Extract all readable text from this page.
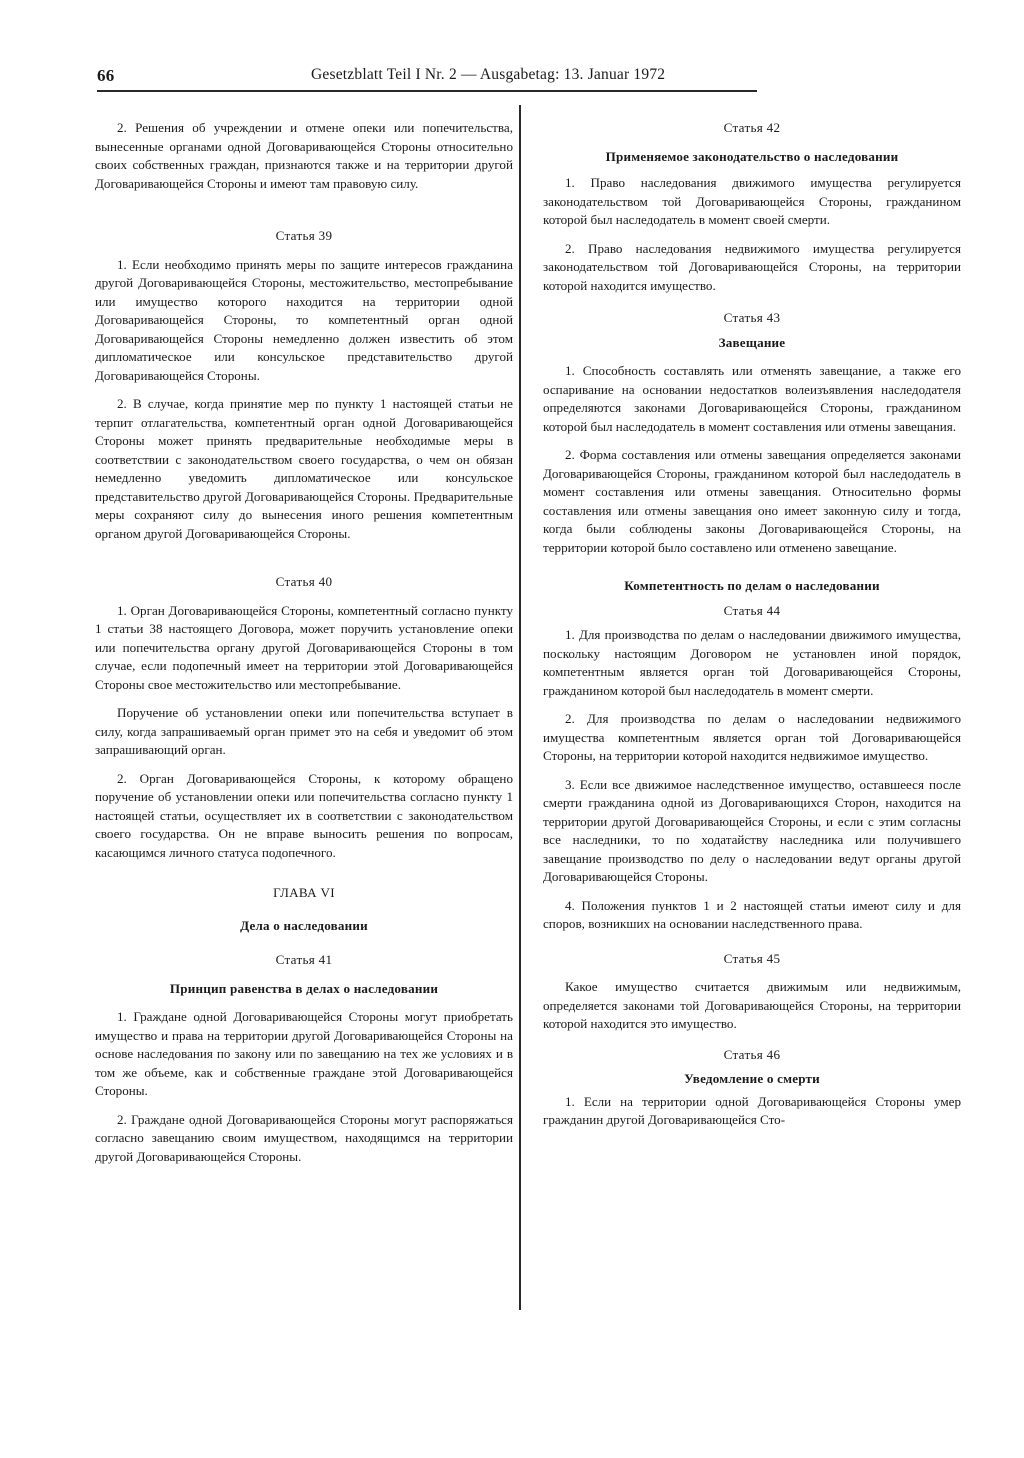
66	Gesetzblatt Teil I Nr. 2 — Ausgabetag: 13. Januar 1972

2. Решения об учреждении и отмене опеки или попечительства, вынесенные органами одной Договаривающейся Стороны относительно своих собственных граждан, признаются также и на территории другой Договаривающейся Стороны и имеют там правовую силу.

Статья 39

1. Если необходимо принять меры по защите интересов гражданина другой Договаривающейся Стороны, местожительство, местопребывание или имущество которого находится на территории одной Договаривающейся Стороны, то компетентный орган одной Договаривающейся Стороны немедленно должен известить об этом дипломатическое или консульское представительство другой Договаривающейся Стороны.

2. В случае, когда принятие мер по пункту 1 настоящей статьи не терпит отлагательства, компетентный орган одной Договаривающейся Стороны может принять предварительные необходимые меры в соответствии с законодательством своего государства, о чем он обязан немедленно уведомить дипломатическое или консульское представительство другой Договаривающейся Стороны. Предварительные меры сохраняют силу до вынесения иного решения компетентным органом другой Договаривающейся Стороны.

Статья 40

1. Орган Договаривающейся Стороны, компетентный согласно пункту 1 статьи 38 настоящего Договора, может поручить установление опеки или попечительства органу другой Договаривающейся Стороны в том случае, если подопечный имеет на территории этой Договаривающейся Стороны свое местожительство или местопребывание.

Поручение об установлении опеки или попечительства вступает в силу, когда запрашиваемый орган примет это на себя и уведомит об этом запрашивающий орган.

2. Орган Договаривающейся Стороны, к которому обращено поручение об установлении опеки или попечительства согласно пункту 1 настоящей статьи, осуществляет их в соответствии с законодательством своего государства. Он не вправе выносить решения по вопросам, касающимся личного статуса подопечного.

ГЛАВА VI

Дела о наследовании

Статья 41

Принцип равенства в делах о наследовании

1. Граждане одной Договаривающейся Стороны могут приобретать имущество и права на территории другой Договаривающейся Стороны на основе наследования по закону или по завещанию на тех же условиях и в том же объеме, как и собственные граждане этой Договаривающейся Стороны.

2. Граждане одной Договаривающейся Стороны могут распоряжаться согласно завещанию своим имуществом, находящимся на территории другой Договаривающейся Стороны.

Статья 42

Применяемое законодательство о наследовании

1. Право наследования движимого имущества регулируется законодательством той Договаривающейся Стороны, гражданином которой был наследодатель в момент своей смерти.

2. Право наследования недвижимого имущества регулируется законодательством той Договаривающейся Стороны, на территории которой находится имущество.

Статья 43

Завещание

1. Способность составлять или отменять завещание, а также его оспаривание на основании недостатков волеизъявления наследодателя определяются законами Договаривающейся Стороны, гражданином которой был наследодатель в момент составления или отмены завещания.

2. Форма составления или отмены завещания определяется законами Договаривающейся Стороны, гражданином которой был наследодатель в момент составления или отмены завещания. Относительно формы составления или отмены завещания оно имеет законную силу и тогда, когда были соблюдены законы Договаривающейся Стороны, на территории которой было составлено или отменено завещание.

Компетентность по делам о наследовании

Статья 44

1. Для производства по делам о наследовании движимого имущества, поскольку настоящим Договором не установлен иной порядок, компетентным является орган той Договаривающейся Стороны, гражданином которой был наследодатель в момент смерти.

2. Для производства по делам о наследовании недвижимого имущества компетентным является орган той Договаривающейся Стороны, на территории которой находится недвижимое имущество.

3. Если все движимое наследственное имущество, оставшееся после смерти гражданина одной из Договаривающихся Сторон, находится на территории другой Договаривающейся Стороны, и если с этим согласны все наследники, то по ходатайству наследника или получившего завещание производство по делу о наследовании ведут органы другой Договаривающейся Стороны.

4. Положения пунктов 1 и 2 настоящей статьи имеют силу и для споров, возникших на основании наследственного права.

Статья 45

Какое имущество считается движимым или недвижимым, определяется законами той Договаривающейся Стороны, на территории которой находится это имущество.

Статья 46

Уведомление о смерти

1. Если на территории одной Договаривающейся Стороны умер гражданин другой Договаривающейся Сто-
